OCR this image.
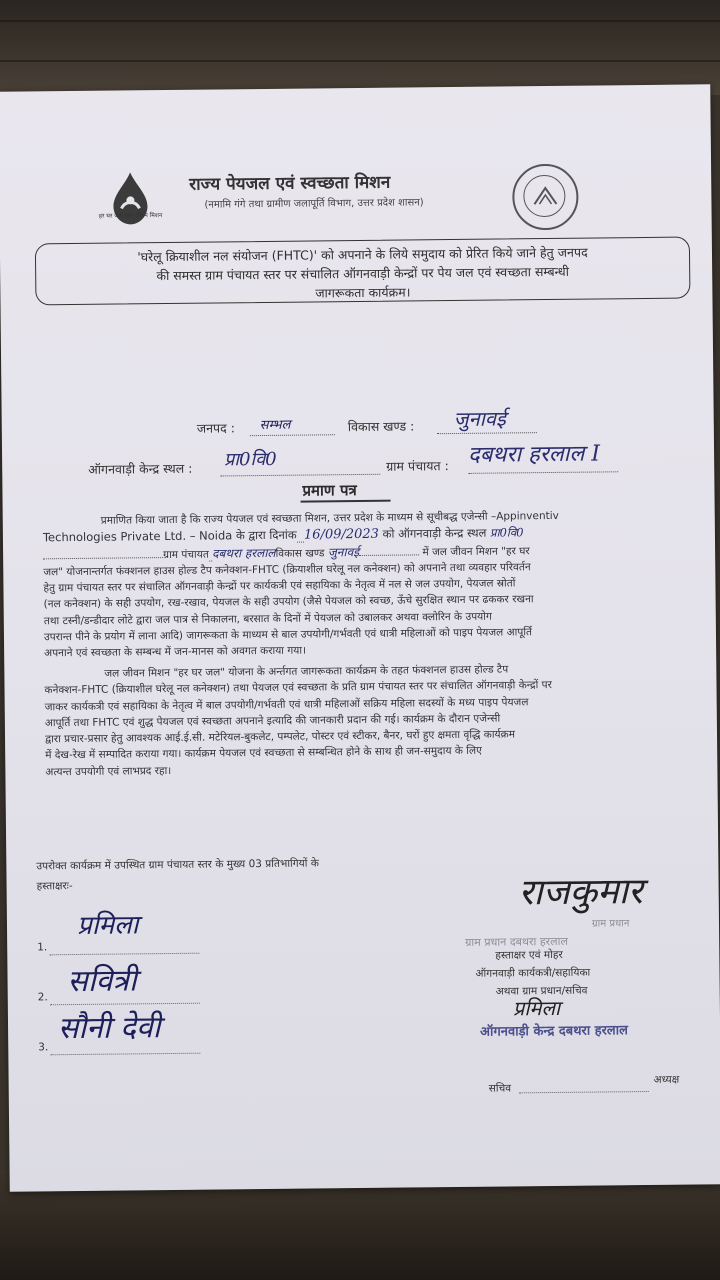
हर घर जल जल जीवन मिशन
राज्य पेयजल एवं स्वच्छता मिशन
(नमामि गंगे तथा ग्रामीण जलापूर्ति विभाग, उत्तर प्रदेश शासन)
'घरेलू क्रियाशील नल संयोजन (FHTC)' को अपनाने के लिये समुदाय को प्रेरित किये जाने हेतु जनपद
की समस्त ग्राम पंचायत स्तर पर संचालित ऑगनवाड़ी केन्द्रों पर पेय जल एवं स्वच्छता सम्बन्धी
जागरूकता कार्यक्रम।
जनपद : सम्भल	विकास खण्ड : जुनावई
ऑगनवाड़ी केन्द्र स्थल : प्रा0वि0	ग्राम पंचायत : दबथरा हरलाल I
प्रमाण पत्र
प्रमाणित किया जाता है कि राज्य पेयजल एवं स्वच्छता मिशन, उत्तर प्रदेश के माध्यम से सूचीबद्ध एजेन्सी –Appinventiv
Technologies Private Ltd. – Noida के द्वारा दिनांक 16/09/2023 को ऑगनवाड़ी केन्द्र स्थल प्रा0वि0
ग्राम पंचायत दबथरा हरलालविकास खण्ड जुनावई	में जल जीवन मिशन "हर घर
जल" योजनान्तर्गत फंक्शनल हाउस होल्ड टैप कनेक्शन-FHTC (क्रियाशील घरेलू नल कनेक्शन) को अपनाने तथा व्यवहार परिवर्तन
हेतु ग्राम पंचायत स्तर पर संचालित ऑगनवाड़ी केन्द्रों पर कार्यकत्री एवं सहायिका के नेतृत्व में नल से जल उपयोग, पेयजल स्रोतों
(नल कनेक्शन) के सही उपयोग, रख-रखाव, पेयजल के सही उपयोग (जैसे पेयजल को स्वच्छ, ऊँचे सुरक्षित स्थान पर ढककर रखना
तथा टस्नी/डन्डीदार लोटे द्वारा जल पात्र से निकालना, बरसात के दिनों में पेयजल को उबालकर अथवा क्लोरिन के उपयोग
उपरान्त पीने के प्रयोग में लाना आदि) जागरूकता के माध्यम से बाल उपयोगी/गर्भवती एवं धात्री महिलाओं को पाइप पेयजल आपूर्ति
अपनाने एवं स्वच्छता के सम्बन्ध में जन-मानस को अवगत कराया गया।
जल जीवन मिशन "हर घर जल" योजना के अर्न्तगत जागरूकता कार्यक्रम के तहत फंक्शनल हाउस होल्ड टैप
कनेक्शन-FHTC (क्रियाशील घरेलू नल कनेक्शन) तथा पेयजल एवं स्वच्छता के प्रति ग्राम पंचायत स्तर पर संचालित ऑगनवाड़ी केन्द्रों पर
जाकर कार्यकत्री एवं सहायिका के नेतृत्व में बाल उपयोगी/गर्भवती एवं धात्री महिलाओं सक्रिय महिला सदस्यों के मध्य पाइप पेयजल
आपूर्ति तथा FHTC एवं शुद्ध पेयजल एवं स्वच्छता अपनाने इत्यादि की जानकारी प्रदान की गई। कार्यक्रम के दौरान एजेन्सी
द्वारा प्रचार-प्रसार हेतु आवश्यक आई.ई.सी. मटेरियल-बुकलेट, पम्पलेट, पोस्टर एवं स्टीकर, बैनर, घरों हुए क्षमता वृद्धि कार्यक्रम
में देख-रेख में सम्पादित कराया गया। कार्यक्रम पेयजल एवं स्वच्छता से सम्बन्धित होने के साथ ही जन-समुदाय के लिए
अत्यन्त उपयोगी एवं लाभप्रद रहा।
उपरोक्त कार्यक्रम में उपस्थित ग्राम पंचायत स्तर के मुख्य 03 प्रतिभागियों के
हस्ताक्षरः-
1.
प्रमिला
2. सवित्री
3.
सौनी देवी
राजकुमार
ग्राम प्रधान
ग्राम प्रधान दबथरा हरलाल
हस्ताक्षर एवं मोहर
ऑगनवाड़ी कार्यकत्री/सहायिका
अथवा ग्राम प्रधान/सचिव
प्रमिला
ऑगनवाड़ी केन्द्र दबथरा हरलाल
सचिव
अध्यक्ष
